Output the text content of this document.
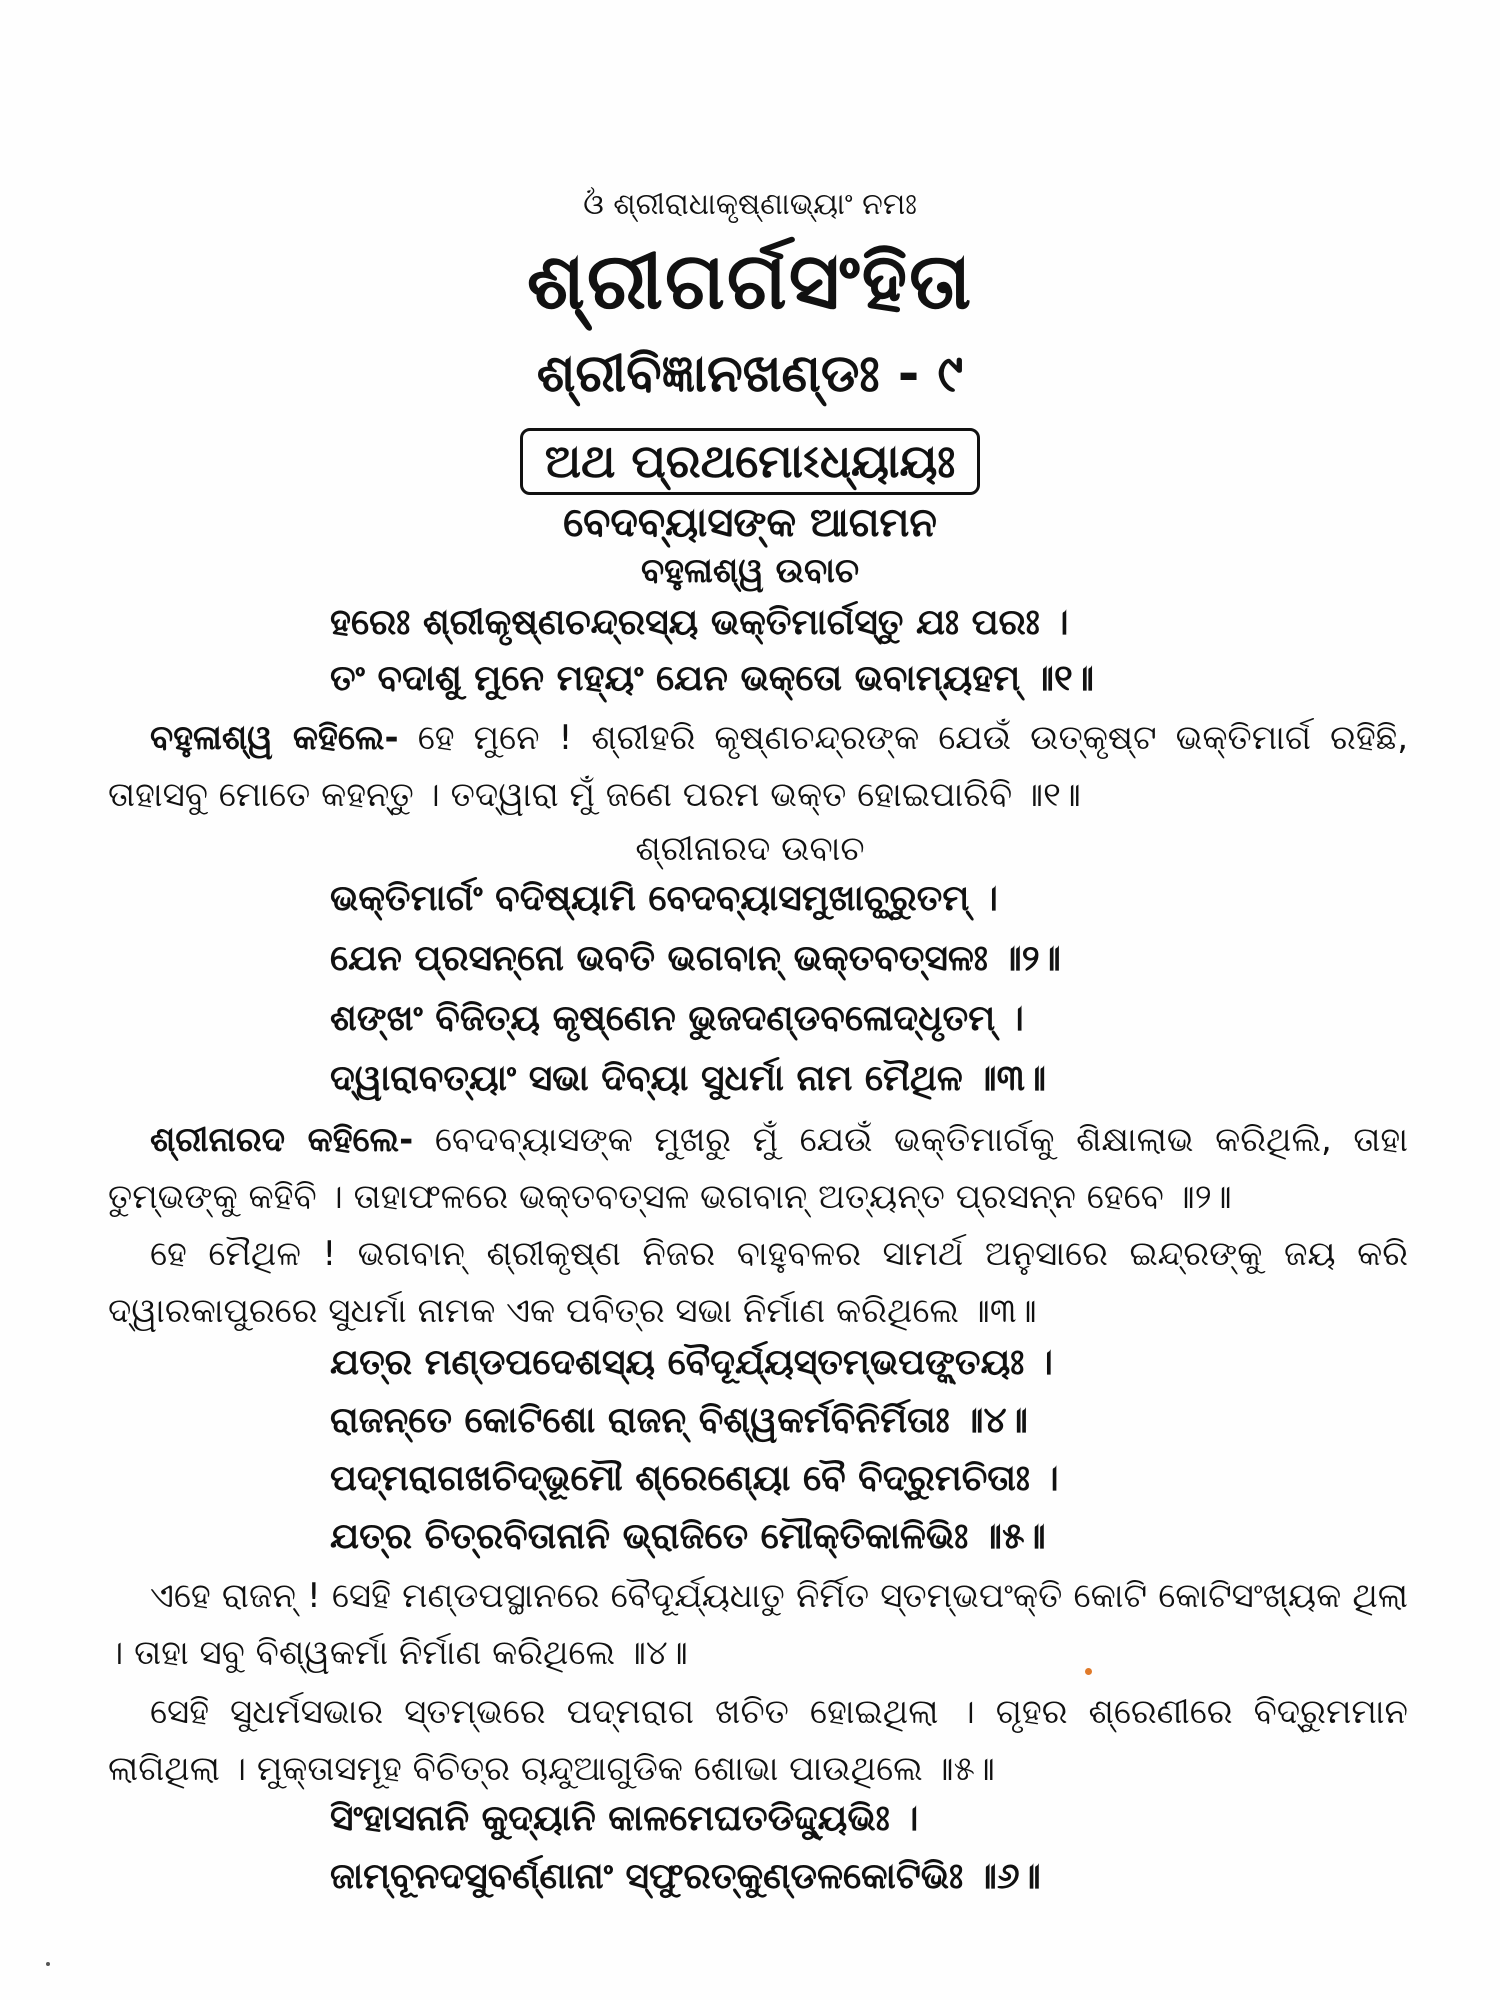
ଓଁ ଶ୍ରୀରାଧାକୃଷ୍ଣାଭ୍ୟାଂ ନମଃ
ଶ୍ରୀଗର୍ଗସଂହିତା
ଶ୍ରୀବିଜ୍ଞାନଖଣ୍ଡଃ - ୯
ଅଥ ପ୍ରଥମୋଽଧ୍ୟାୟଃ
ବେଦବ୍ୟାସଙ୍କ ଆଗମନ
ବହୁଳାଶ୍ୱ ଉବାଚ
ହରେଃ ଶ୍ରୀକୃଷ୍ଣଚନ୍ଦ୍ରସ୍ୟ ଭକ୍ତିମାର୍ଗସ୍ତୁ ଯଃ ପରଃ ।
ତଂ ବଦାଶୁ ମୁନେ ମହ୍ୟଂ ଯେନ ଭକ୍ତୋ ଭବାମ୍ୟହମ୍ ॥୧॥
ବହୁଳାଶ୍ୱ କହିଲେ- ହେ ମୁନେ ! ଶ୍ରୀହରି କୃଷ୍ଣଚନ୍ଦ୍ରଙ୍କ ଯେଉଁ ଉତ୍କୃଷ୍ଟ ଭକ୍ତିମାର୍ଗ ରହିଛି, ତାହାସବୁ ମୋତେ କହନ୍ତୁ । ତଦ୍ୱାରା ମୁଁ ଜଣେ ପରମ ଭକ୍ତ ହୋଇପାରିବି ॥୧॥
ଶ୍ରୀନାରଦ ଉବାଚ
ଭକ୍ତିମାର୍ଗଂ ବଦିଷ୍ୟାମି ବେଦବ୍ୟାସମୁଖାଚ୍ଛ୍ରୁତମ୍ ।
ଯେନ ପ୍ରସନ୍ନୋ ଭବତି ଭଗବାନ୍ ଭକ୍ତବତ୍ସଳଃ ॥୨॥
ଶଙ୍ଖଂ ବିଜିତ୍ୟ କୃଷ୍ଣେନ ଭୁଜଦଣ୍ଡବଳୋଦ୍ଧୃତମ୍ ।
ଦ୍ୱାରାବତ୍ୟାଂ ସଭା ଦିବ୍ୟା ସୁଧର୍ମା ନାମ ମୈଥିଳ ॥୩॥
ଶ୍ରୀନାରଦ କହିଲେ- ବେଦବ୍ୟାସଙ୍କ ମୁଖରୁ ମୁଁ ଯେଉଁ ଭକ୍ତିମାର୍ଗକୁ ଶିକ୍ଷାଲାଭ କରିଥିଲି, ତାହା ତୁମ୍ଭଙ୍କୁ କହିବି । ତାହାଫଳରେ ଭକ୍ତବତ୍ସଳ ଭଗବାନ୍ ଅତ୍ୟନ୍ତ ପ୍ରସନ୍ନ ହେବେ ॥୨॥
ହେ ମୈଥିଳ ! ଭଗବାନ୍ ଶ୍ରୀକୃଷ୍ଣ ନିଜର ବାହୁବଳର ସାମର୍ଥ ଅନୁସାରେ ଇନ୍ଦ୍ରଙ୍କୁ ଜୟ କରି ଦ୍ୱାରକାପୁରରେ ସୁଧର୍ମା ନାମକ ଏକ ପବିତ୍ର ସଭା ନିର୍ମାଣ କରିଥିଲେ ॥୩॥
ଯତ୍ର ମଣ୍ଡପଦେଶସ୍ୟ ବୈଦୂର୍ଯ୍ୟସ୍ତମ୍ଭପଙ୍କ୍ତୟଃ ।
ରାଜନ୍ତେ କୋଟିଶୋ ରାଜନ୍ ବିଶ୍ୱକର୍ମବିନିର୍ମିତାଃ ॥୪॥
ପଦ୍ମରାଗଖଚିଦ୍‌ଭୂମୌ ଶ୍ରେଣ୍ୟୋ ବୈ ବିଦ୍ରୁମଚିତାଃ ।
ଯତ୍ର ଚିତ୍ରବିତାନାନି ଭ୍ରାଜିତେ ମୌକ୍ତିକାଳିଭିଃ ॥୫॥
ଏହେ ରାଜନ୍ ! ସେହି ମଣ୍ଡପସ୍ଥାନରେ ବୈଦୂର୍ଯ୍ୟଧାତୁ ନିର୍ମିତ ସ୍ତମ୍ଭପଂକ୍ତି କୋଟି କୋଟିସଂଖ୍ୟକ ଥିଲା । ତାହା ସବୁ ବିଶ୍ୱକର୍ମା ନିର୍ମାଣ କରିଥିଲେ ॥୪॥
ସେହି ସୁଧର୍ମସଭାର ସ୍ତମ୍ଭରେ ପଦ୍ମରାଗ ଖଚିତ ହୋଇଥିଲା । ଗୃହର ଶ୍ରେଣୀରେ ବିଦ୍ରୁମମାନ ଲାଗିଥିଲା । ମୁକ୍ତାସମୂହ ବିଚିତ୍ର ଚାନ୍ଦୁଆଗୁଡିକ ଶୋଭା ପାଉଥିଲେ ॥୫॥
ସିଂହାସନାନି କୁଦ୍ୟାନି କାଳମେଘତଡିଦ୍ଦ୍ୟୁଭିଃ ।
ଜାମ୍ବୂନଦସୁବର୍ଣ୍ଣାନାଂ ସ୍ଫୁରତ୍‌କୁଣ୍ଡଳକୋଟିଭିଃ ॥୬॥
